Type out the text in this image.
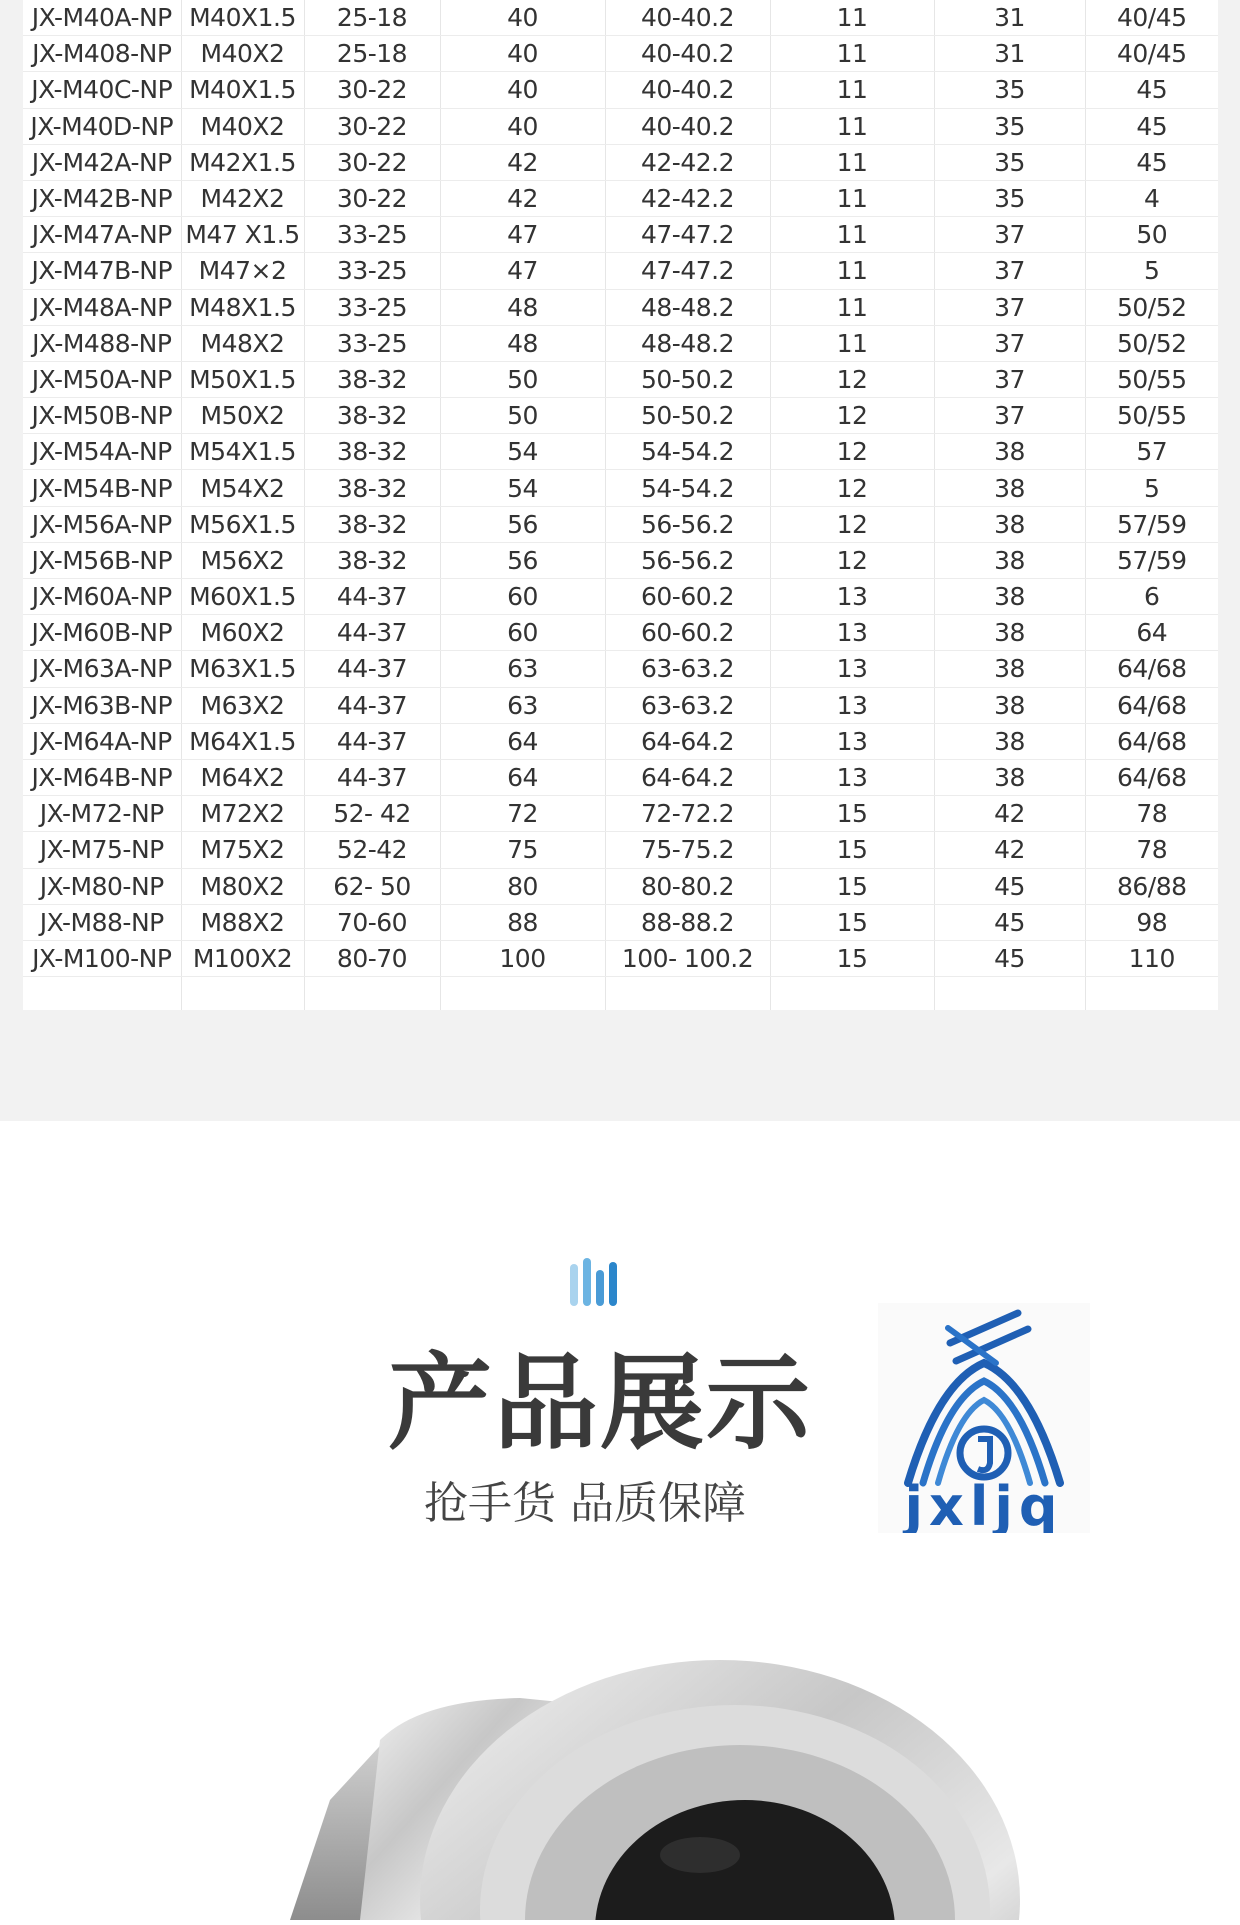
JX-M40A-NP	M40X1.5	25-18	40	40-40.2	11	31	40/45
JX-M408-NP	M40X2	25-18	40	40-40.2	11	31	40/45
JX-M40C-NP	M40X1.5	30-22	40	40-40.2	11	35	45
JX-M40D-NP	M40X2	30-22	40	40-40.2	11	35	45
JX-M42A-NP	M42X1.5	30-22	42	42-42.2	11	35	45
JX-M42B-NP	M42X2	30-22	42	42-42.2	11	35	4
JX-M47A-NP	M47 X1.5	33-25	47	47-47.2	11	37	50
JX-M47B-NP	M47×2	33-25	47	47-47.2	11	37	5
JX-M48A-NP	M48X1.5	33-25	48	48-48.2	11	37	50/52
JX-M488-NP	M48X2	33-25	48	48-48.2	11	37	50/52
JX-M50A-NP	M50X1.5	38-32	50	50-50.2	12	37	50/55
JX-M50B-NP	M50X2	38-32	50	50-50.2	12	37	50/55
JX-M54A-NP	M54X1.5	38-32	54	54-54.2	12	38	57
JX-M54B-NP	M54X2	38-32	54	54-54.2	12	38	5
JX-M56A-NP	M56X1.5	38-32	56	56-56.2	12	38	57/59
JX-M56B-NP	M56X2	38-32	56	56-56.2	12	38	57/59
JX-M60A-NP	M60X1.5	44-37	60	60-60.2	13	38	6
JX-M60B-NP	M60X2	44-37	60	60-60.2	13	38	64
JX-M63A-NP	M63X1.5	44-37	63	63-63.2	13	38	64/68
JX-M63B-NP	M63X2	44-37	63	63-63.2	13	38	64/68
JX-M64A-NP	M64X1.5	44-37	64	64-64.2	13	38	64/68
JX-M64B-NP	M64X2	44-37	64	64-64.2	13	38	64/68
JX-M72-NP	M72X2	52- 42	72	72-72.2	15	42	78
JX-M75-NP	M75X2	52-42	75	75-75.2	15	42	78
JX-M80-NP	M80X2	62- 50	80	80-80.2	15	45	86/88
JX-M88-NP	M88X2	70-60	88	88-88.2	15	45	98
JX-M100-NP	M100X2	80-70	100	100- 100.2	15	45	110

产品展示
抢手货 品质保障	jxljq
